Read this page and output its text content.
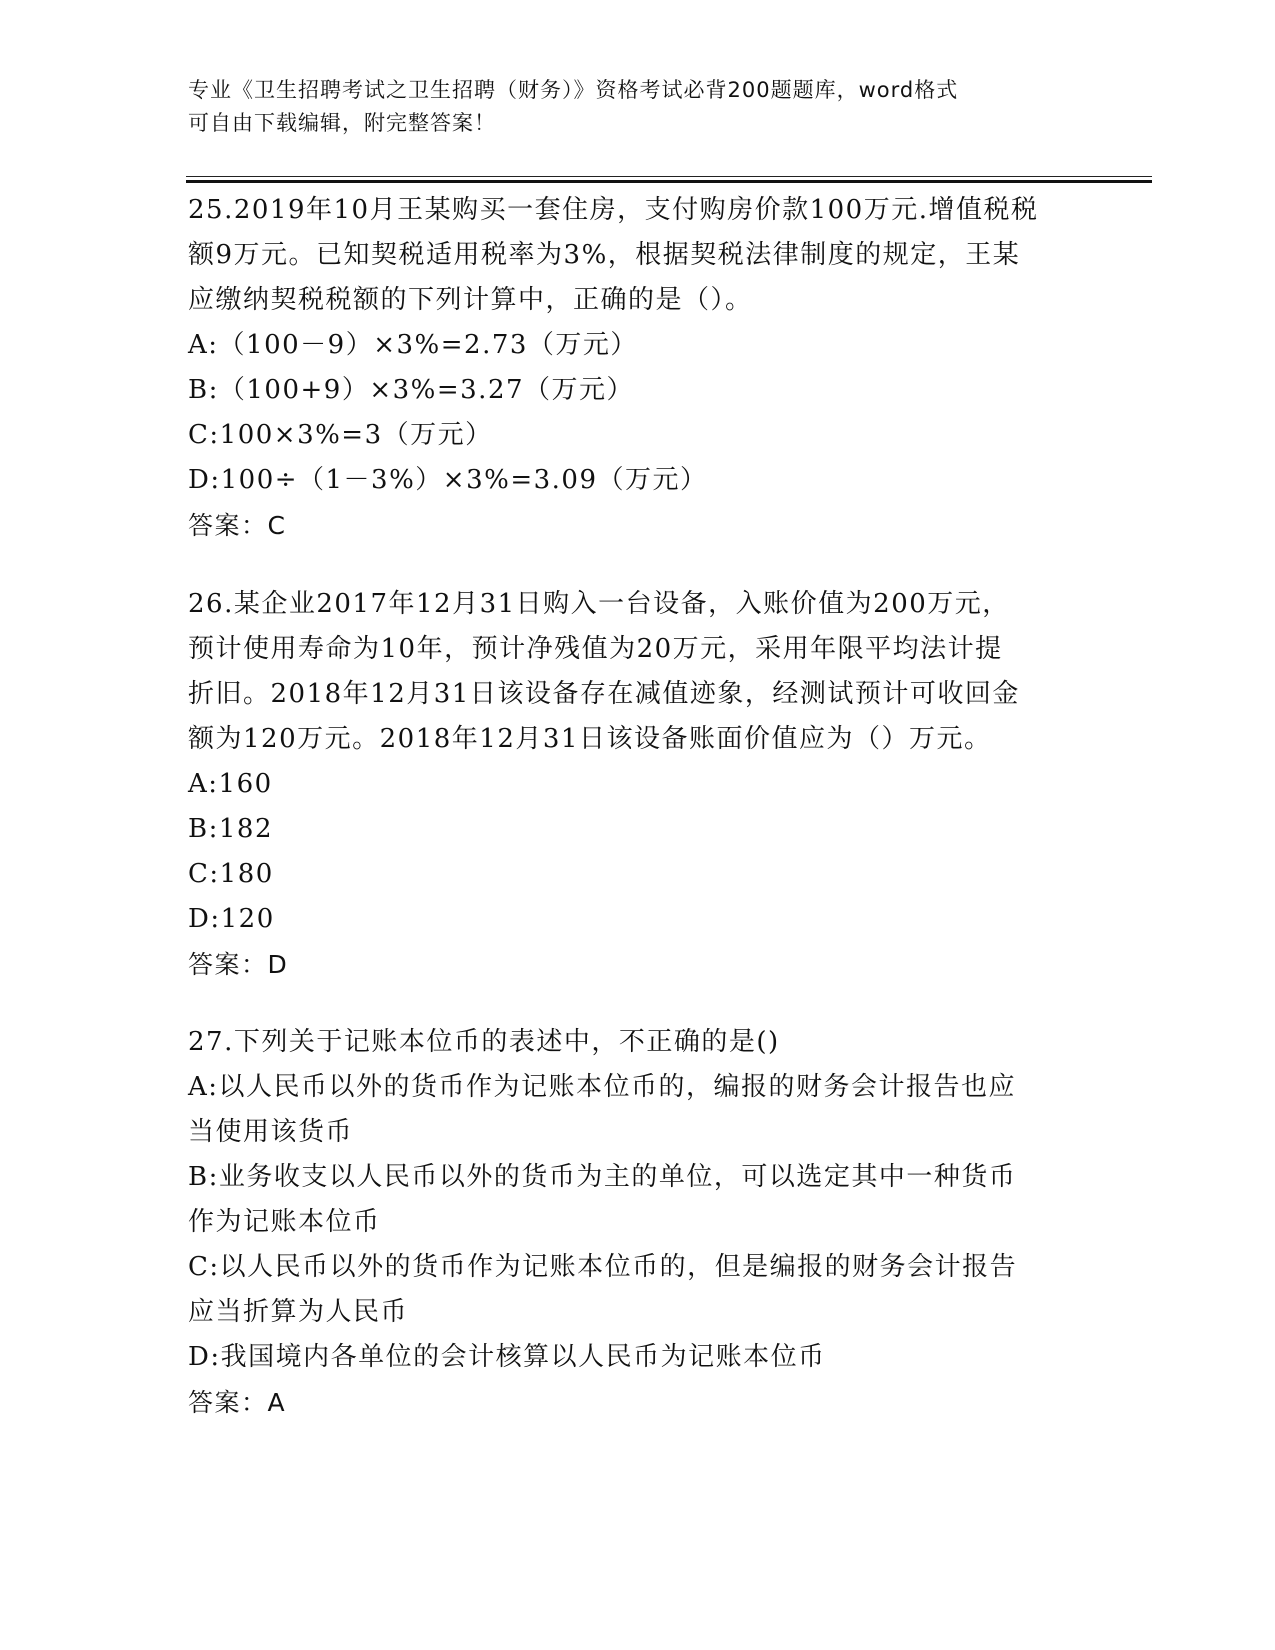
专业《卫生招聘考试之卫生招聘（财务）》资格考试必背200题题库，word格式
可自由下载编辑，附完整答案！

25.2019年10月王某购买一套住房，支付购房价款100万元.增值税税

额9万元。已知契税适用税率为3%，根据契税法律制度的规定，王某

应缴纳契税税额的下列计算中，正确的是（）。

A:（100－9）×3%=2.73（万元）

B:（100+9）×3%=3.27（万元）

C:100×3%=3（万元）

D:100÷（1－3%）×3%=3.09（万元）

答案：C

26.某企业2017年12月31日购入一台设备，入账价值为200万元，

预计使用寿命为10年，预计净残值为20万元，采用年限平均法计提

折旧。2018年12月31日该设备存在减值迹象，经测试预计可收回金

额为120万元。2018年12月31日该设备账面价值应为（）万元。

A:160

B:182

C:180

D:120

答案：D

27.下列关于记账本位币的表述中，不正确的是()

A:以人民币以外的货币作为记账本位币的，编报的财务会计报告也应

当使用该货币

B:业务收支以人民币以外的货币为主的单位，可以选定其中一种货币

作为记账本位币

C:以人民币以外的货币作为记账本位币的，但是编报的财务会计报告

应当折算为人民币

D:我国境内各单位的会计核算以人民币为记账本位币

答案：A
